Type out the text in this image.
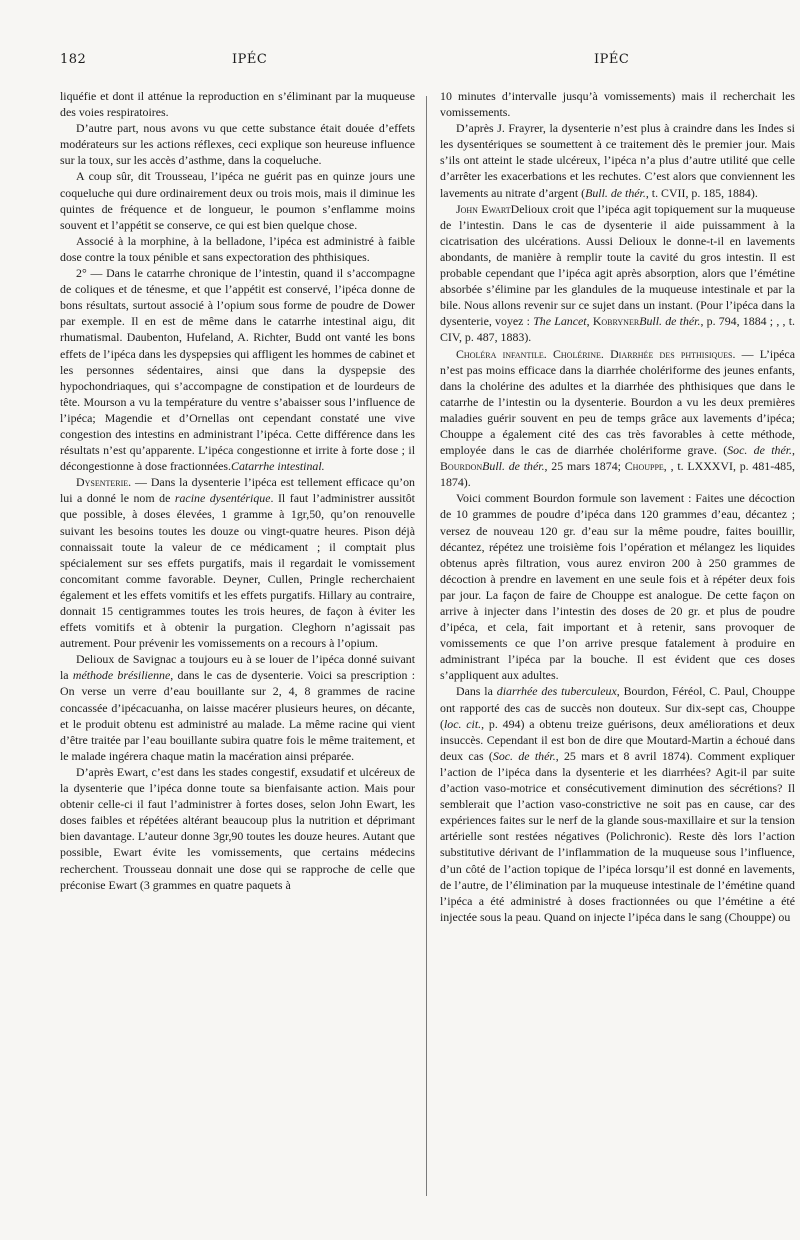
182	IPÉC	IPÉC

liquéfie et dont il atténue la reproduction en s’éliminant par la muqueuse des voies respiratoires.

D’autre part, nous avons vu que cette substance était douée d’effets modérateurs sur les actions réflexes, ceci explique son heureuse influence sur la toux, sur les accès d’asthme, dans la coqueluche.

A coup sûr, dit Trousseau, l’ipéca ne guérit pas en quinze jours une coqueluche qui dure ordinairement deux ou trois mois, mais il diminue les quintes de fréquence et de longueur, le poumon s’enflamme moins souvent et l’appétit se conserve, ce qui est bien quelque chose.

Associé à la morphine, à la belladone, l’ipéca est administré à faible dose contre la toux pénible et sans expectoration des phthisiques.

2° — Dans le catarrhe chronique de l’intestin, quand il s’accompagne de coliques et de ténesme, et que l’appétit est conservé, l’ipéca donne de bons résultats, surtout associé à l’opium sous forme de poudre de Dower par exemple. Il en est de même dans le catarrhe intestinal aigu, dit rhumatismal. Daubenton, Hufeland, A. Richter, Budd ont vanté les bons effets de l’ipéca dans les dyspepsies qui affligent les hommes de cabinet et les personnes sédentaires, ainsi que dans la dyspepsie des hypochondriaques, qui s’accompagne de constipation et de lourdeurs de tête. Mourson a vu la température du ventre s’abaisser sous l’influence de l’ipéca; Magendie et d’Ornellas ont cependant constaté une vive congestion des intestins en administrant l’ipéca. Cette différence dans les résultats n’est qu’apparente. L’ipéca congestionne et irrite à forte dose ; il décongestionne à dose fractionnées.Catarrhe intestinal.

Dysenterie. — Dans la dysenterie l’ipéca est tellement efficace qu’on lui a donné le nom de racine dysentérique. Il faut l’administrer aussitôt que possible, à doses élevées, 1 gramme à 1gr,50, qu’on renouvelle suivant les besoins toutes les douze ou vingt-quatre heures. Pison déjà connaissait toute la valeur de ce médicament ; il comptait plus spécialement sur ses effets purgatifs, mais il regardait le vomissement concomitant comme favorable. Deyner, Cullen, Pringle recherchaient également et les effets vomitifs et les effets purgatifs. Hillary au contraire, donnait 15 centigrammes toutes les trois heures, de façon à éviter les effets vomitifs et à obtenir la purgation. Cleghorn n’agissait pas autrement. Pour prévenir les vomissements on a recours à l’opium.

Delioux de Savignac a toujours eu à se louer de l’ipéca donné suivant la méthode brésilienne, dans le cas de dysenterie. Voici sa prescription : On verse un verre d’eau bouillante sur 2, 4, 8 grammes de racine concassée d’ipécacuanha, on laisse macérer plusieurs heures, on décante, et le produit obtenu est administré au malade. La même racine qui vient d’être traitée par l’eau bouillante subira quatre fois le même traitement, et le malade ingérera chaque matin la macération ainsi préparée.

D’après Ewart, c’est dans les stades congestif, exsudatif et ulcéreux de la dysenterie que l’ipéca donne toute sa bienfaisante action. Mais pour obtenir celle-ci il faut l’administrer à fortes doses, selon John Ewart, les doses faibles et répétées altérant beaucoup plus la nutrition et déprimant bien davantage. L’auteur donne 3gr,90 toutes les douze heures. Autant que possible, Ewart évite les vomissements, que certains médecins recherchent. Trousseau donnait une dose qui se rapproche de celle que préconise Ewart (3 grammes en quatre paquets à

10 minutes d’intervalle jusqu’à vomissements) mais il recherchait les vomissements.

D’après J. Frayrer, la dysenterie n’est plus à craindre dans les Indes si les dysentériques se soumettent à ce traitement dès le premier jour. Mais s’ils ont atteint le stade ulcéreux, l’ipéca n’a plus d’autre utilité que celle d’arrêter les exacerbations et les rechutes. C’est alors que conviennent les lavements au nitrate d’argent (Bull. de thér., t. CVII, p. 185, 1884).

John EwartDelioux croit que l’ipéca agit topiquement sur la muqueuse de l’intestin. Dans le cas de dysenterie il aide puissamment à la cicatrisation des ulcérations. Aussi Delioux le donne-t-il en lavements abondants, de manière à remplir toute la cavité du gros intestin. Il est probable cependant que l’ipéca agit après absorption, alors que l’émétine absorbée s’élimine par les glandules de la muqueuse intestinale et par la bile. Nous allons revenir sur ce sujet dans un instant. (Pour l’ipéca dans la dysenterie, voyez : The Lancet, KobrynerBull. de thér., p. 794, 1884 ; , , t. CIV, p. 487, 1883).

Choléra infantile. Cholérine. Diarrhée des phthisiques. — L’ipéca n’est pas moins efficace dans la diarrhée cholériforme des jeunes enfants, dans la cholérine des adultes et la diarrhée des phthisiques que dans le catarrhe de l’intestin ou la dysenterie. Bourdon a vu les deux premières maladies guérir souvent en peu de temps grâce aux lavements d’ipéca; Chouppe a également cité des cas très favorables à cette méthode, employée dans le cas de diarrhée cholériforme grave. (Soc. de thér., BourdonBull. de thér., 25 mars 1874; Chouppe, , t. LXXXVI, p. 481-485, 1874).

Voici comment Bourdon formule son lavement : Faites une décoction de 10 grammes de poudre d’ipéca dans 120 grammes d’eau, décantez ; versez de nouveau 120 gr. d’eau sur la même poudre, faites bouillir, décantez, répétez une troisième fois l’opération et mélangez les liquides obtenus après filtration, vous aurez environ 200 à 250 grammes de décoction à prendre en lavement en une seule fois et à répéter deux fois par jour. La façon de faire de Chouppe est analogue. De cette façon on arrive à injecter dans l’intestin des doses de 20 gr. et plus de poudre d’ipéca, et cela, fait important et à retenir, sans provoquer de vomissements ce que l’on arrive presque fatalement à produire en administrant l’ipéca par la bouche. Il est évident que ces doses s’appliquent aux adultes.

Dans la diarrhée des tuberculeux, Bourdon, Féréol, C. Paul, Chouppe ont rapporté des cas de succès non douteux. Sur dix-sept cas, Chouppe (loc. cit., p. 494) a obtenu treize guérisons, deux améliorations et deux insuccès. Cependant il est bon de dire que Moutard-Martin a échoué dans deux cas (Soc. de thér., 25 mars et 8 avril 1874). Comment expliquer l’action de l’ipéca dans la dysenterie et les diarrhées? Agit-il par suite d’action vaso-motrice et consécutivement diminution des sécrétions? Il semblerait que l’action vaso-constrictive ne soit pas en cause, car des expériences faites sur le nerf de la glande sous-maxillaire et sur la tension artérielle sont restées négatives (Polichronic). Reste dès lors l’action substitutive dérivant de l’inflammation de la muqueuse sous l’influence, d’un côté de l’action topique de l’ipéca lorsqu’il est donné en lavements, de l’autre, de l’élimination par la muqueuse intestinale de l’émétine quand l’ipéca a été administré à doses fractionnées ou que l’émétine a été injectée sous la peau. Quand on injecte l’ipéca dans le sang (Chouppe) ou
